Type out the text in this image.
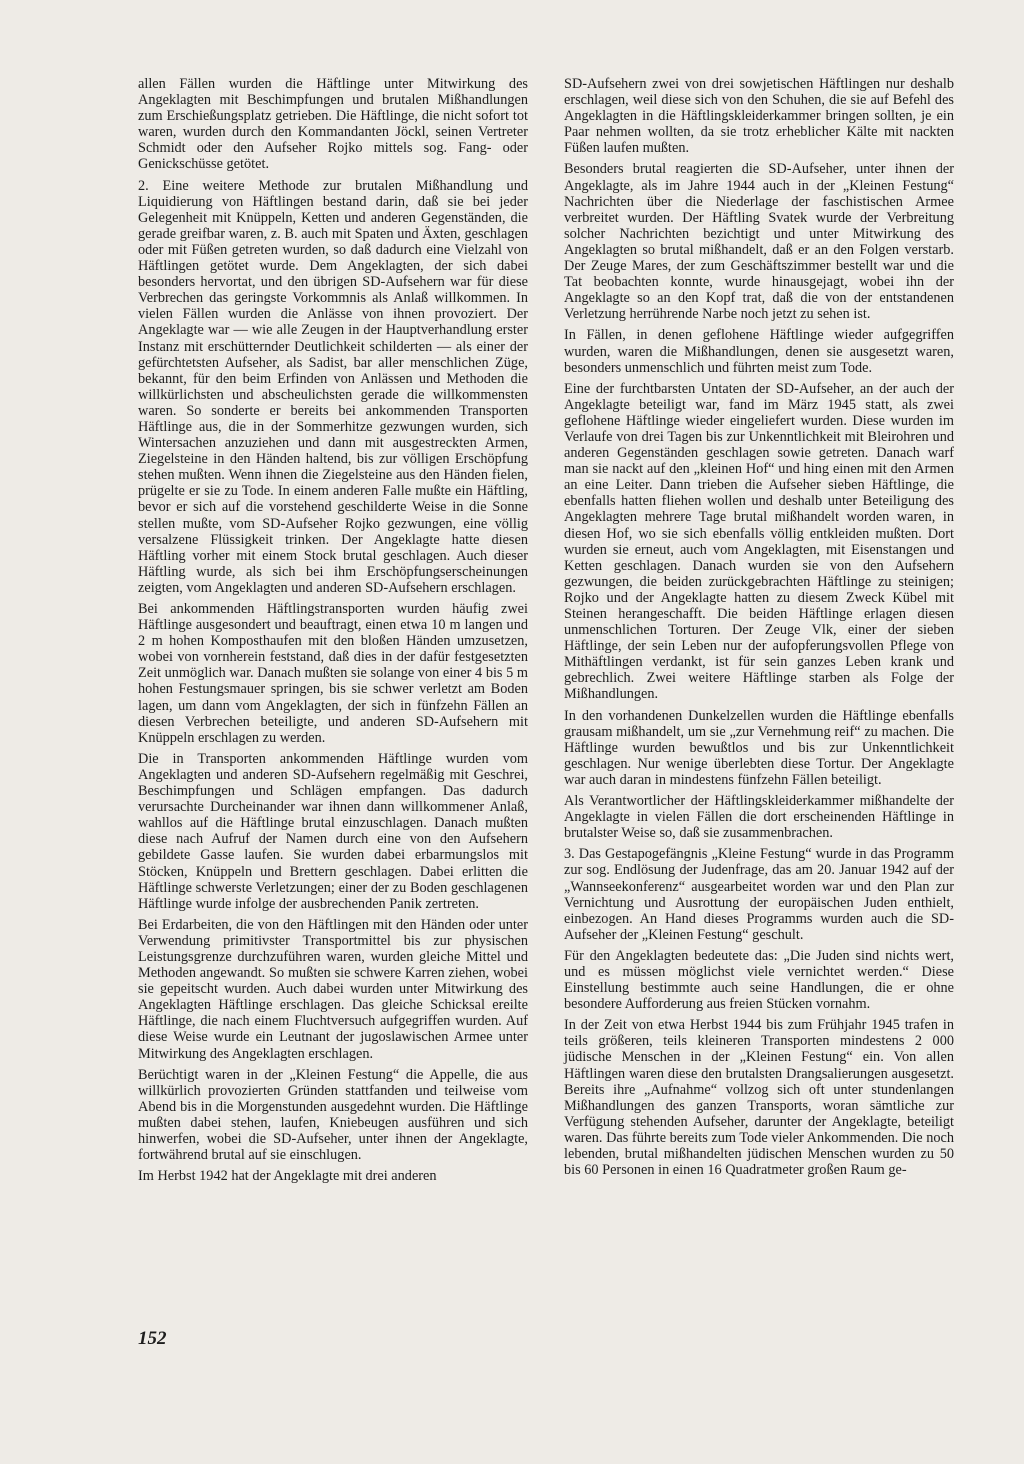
allen Fällen wurden die Häftlinge unter Mitwirkung des Angeklagten mit Beschimpfungen und brutalen Mißhandlungen zum Erschießungsplatz getrieben. Die Häftlinge, die nicht sofort tot waren, wurden durch den Kommandanten Jöckl, seinen Vertreter Schmidt oder den Aufseher Rojko mittels sog. Fang- oder Genickschüsse getötet.

2. Eine weitere Methode zur brutalen Mißhandlung und Liquidierung von Häftlingen bestand darin, daß sie bei jeder Gelegenheit mit Knüppeln, Ketten und anderen Gegenständen, die gerade greifbar waren, z. B. auch mit Spaten und Äxten, geschlagen oder mit Füßen getreten wurden, so daß dadurch eine Vielzahl von Häftlingen getötet wurde. Dem Angeklagten, der sich dabei besonders hervortat, und den übrigen SD-Aufsehern war für diese Verbrechen das geringste Vorkommnis als Anlaß willkommen. In vielen Fällen wurden die Anlässe von ihnen provoziert. Der Angeklagte war — wie alle Zeugen in der Hauptverhandlung erster Instanz mit erschütternder Deutlichkeit schilderten — als einer der gefürchtetsten Aufseher, als Sadist, bar aller menschlichen Züge, bekannt, für den beim Erfinden von Anlässen und Methoden die willkürlichsten und abscheulichsten gerade die willkommensten waren. So sonderte er bereits bei ankommenden Transporten Häftlinge aus, die in der Sommerhitze gezwungen wurden, sich Wintersachen anzuziehen und dann mit ausgestreckten Armen, Ziegelsteine in den Händen haltend, bis zur völligen Erschöpfung stehen mußten. Wenn ihnen die Ziegelsteine aus den Händen fielen, prügelte er sie zu Tode. In einem anderen Falle mußte ein Häftling, bevor er sich auf die vorstehend geschilderte Weise in die Sonne stellen mußte, vom SD-Aufseher Rojko gezwungen, eine völlig versalzene Flüssigkeit trinken. Der Angeklagte hatte diesen Häftling vorher mit einem Stock brutal geschlagen. Auch dieser Häftling wurde, als sich bei ihm Erschöpfungserscheinungen zeigten, vom Angeklagten und anderen SD-Aufsehern erschlagen.

Bei ankommenden Häftlingstransporten wurden häufig zwei Häftlinge ausgesondert und beauftragt, einen etwa 10 m langen und 2 m hohen Komposthaufen mit den bloßen Händen umzusetzen, wobei von vornherein feststand, daß dies in der dafür festgesetzten Zeit unmöglich war. Danach mußten sie solange von einer 4 bis 5 m hohen Festungsmauer springen, bis sie schwer verletzt am Boden lagen, um dann vom Angeklagten, der sich in fünfzehn Fällen an diesen Verbrechen beteiligte, und anderen SD-Aufsehern mit Knüppeln erschlagen zu werden.

Die in Transporten ankommenden Häftlinge wurden vom Angeklagten und anderen SD-Aufsehern regelmäßig mit Geschrei, Beschimpfungen und Schlägen empfangen. Das dadurch verursachte Durcheinander war ihnen dann willkommener Anlaß, wahllos auf die Häftlinge brutal einzuschlagen. Danach mußten diese nach Aufruf der Namen durch eine von den Aufsehern gebildete Gasse laufen. Sie wurden dabei erbarmungslos mit Stöcken, Knüppeln und Brettern geschlagen. Dabei erlitten die Häftlinge schwerste Verletzungen; einer der zu Boden geschlagenen Häftlinge wurde infolge der ausbrechenden Panik zertreten.

Bei Erdarbeiten, die von den Häftlingen mit den Händen oder unter Verwendung primitivster Transportmittel bis zur physischen Leistungsgrenze durchzuführen waren, wurden gleiche Mittel und Methoden angewandt. So mußten sie schwere Karren ziehen, wobei sie gepeitscht wurden. Auch dabei wurden unter Mitwirkung des Angeklagten Häftlinge erschlagen. Das gleiche Schicksal ereilte Häftlinge, die nach einem Fluchtversuch aufgegriffen wurden. Auf diese Weise wurde ein Leutnant der jugoslawischen Armee unter Mitwirkung des Angeklagten erschlagen.

Berüchtigt waren in der „Kleinen Festung“ die Appelle, die aus willkürlich provozierten Gründen stattfanden und teilweise vom Abend bis in die Morgenstunden ausgedehnt wurden. Die Häftlinge mußten dabei stehen, laufen, Kniebeugen ausführen und sich hinwerfen, wobei die SD-Aufseher, unter ihnen der Angeklagte, fortwährend brutal auf sie einschlugen.

Im Herbst 1942 hat der Angeklagte mit drei anderen

SD-Aufsehern zwei von drei sowjetischen Häftlingen nur deshalb erschlagen, weil diese sich von den Schuhen, die sie auf Befehl des Angeklagten in die Häftlingskleiderkammer bringen sollten, je ein Paar nehmen wollten, da sie trotz erheblicher Kälte mit nackten Füßen laufen mußten.

Besonders brutal reagierten die SD-Aufseher, unter ihnen der Angeklagte, als im Jahre 1944 auch in der „Kleinen Festung“ Nachrichten über die Niederlage der faschistischen Armee verbreitet wurden. Der Häftling Svatek wurde der Verbreitung solcher Nachrichten bezichtigt und unter Mitwirkung des Angeklagten so brutal mißhandelt, daß er an den Folgen verstarb. Der Zeuge Mares, der zum Geschäftszimmer bestellt war und die Tat beobachten konnte, wurde hinausgejagt, wobei ihn der Angeklagte so an den Kopf trat, daß die von der entstandenen Verletzung herrührende Narbe noch jetzt zu sehen ist.

In Fällen, in denen geflohene Häftlinge wieder aufgegriffen wurden, waren die Mißhandlungen, denen sie ausgesetzt waren, besonders unmenschlich und führten meist zum Tode.

Eine der furchtbarsten Untaten der SD-Aufseher, an der auch der Angeklagte beteiligt war, fand im März 1945 statt, als zwei geflohene Häftlinge wieder eingeliefert wurden. Diese wurden im Verlaufe von drei Tagen bis zur Unkenntlichkeit mit Bleirohren und anderen Gegenständen geschlagen sowie getreten. Danach warf man sie nackt auf den „kleinen Hof“ und hing einen mit den Armen an eine Leiter. Dann trieben die Aufseher sieben Häftlinge, die ebenfalls hatten fliehen wollen und deshalb unter Beteiligung des Angeklagten mehrere Tage brutal mißhandelt worden waren, in diesen Hof, wo sie sich ebenfalls völlig entkleiden mußten. Dort wurden sie erneut, auch vom Angeklagten, mit Eisenstangen und Ketten geschlagen. Danach wurden sie von den Aufsehern gezwungen, die beiden zurückgebrachten Häftlinge zu steinigen; Rojko und der Angeklagte hatten zu diesem Zweck Kübel mit Steinen herangeschafft. Die beiden Häftlinge erlagen diesen unmenschlichen Torturen. Der Zeuge Vlk, einer der sieben Häftlinge, der sein Leben nur der aufopferungsvollen Pflege von Mithäftlingen verdankt, ist für sein ganzes Leben krank und gebrechlich. Zwei weitere Häftlinge starben als Folge der Mißhandlungen.

In den vorhandenen Dunkelzellen wurden die Häftlinge ebenfalls grausam mißhandelt, um sie „zur Vernehmung reif“ zu machen. Die Häftlinge wurden bewußtlos und bis zur Unkenntlichkeit geschlagen. Nur wenige überlebten diese Tortur. Der Angeklagte war auch daran in mindestens fünfzehn Fällen beteiligt.

Als Verantwortlicher der Häftlingskleiderkammer mißhandelte der Angeklagte in vielen Fällen die dort erscheinenden Häftlinge in brutalster Weise so, daß sie zusammenbrachen.

3. Das Gestapogefängnis „Kleine Festung“ wurde in das Programm zur sog. Endlösung der Judenfrage, das am 20. Januar 1942 auf der „Wannseekonferenz“ ausgearbeitet worden war und den Plan zur Vernichtung und Ausrottung der europäischen Juden enthielt, einbezogen. An Hand dieses Programms wurden auch die SD-Aufseher der „Kleinen Festung“ geschult.

Für den Angeklagten bedeutete das: „Die Juden sind nichts wert, und es müssen möglichst viele vernichtet werden.“ Diese Einstellung bestimmte auch seine Handlungen, die er ohne besondere Aufforderung aus freien Stücken vornahm.

In der Zeit von etwa Herbst 1944 bis zum Frühjahr 1945 trafen in teils größeren, teils kleineren Transporten mindestens 2 000 jüdische Menschen in der „Kleinen Festung“ ein. Von allen Häftlingen waren diese den brutalsten Drangsalierungen ausgesetzt. Bereits ihre „Aufnahme“ vollzog sich oft unter stundenlangen Mißhandlungen des ganzen Transports, woran sämtliche zur Verfügung stehenden Aufseher, darunter der Angeklagte, beteiligt waren. Das führte bereits zum Tode vieler Ankommenden. Die noch lebenden, brutal mißhandelten jüdischen Menschen wurden zu 50 bis 60 Personen in einen 16 Quadratmeter großen Raum ge-

152
